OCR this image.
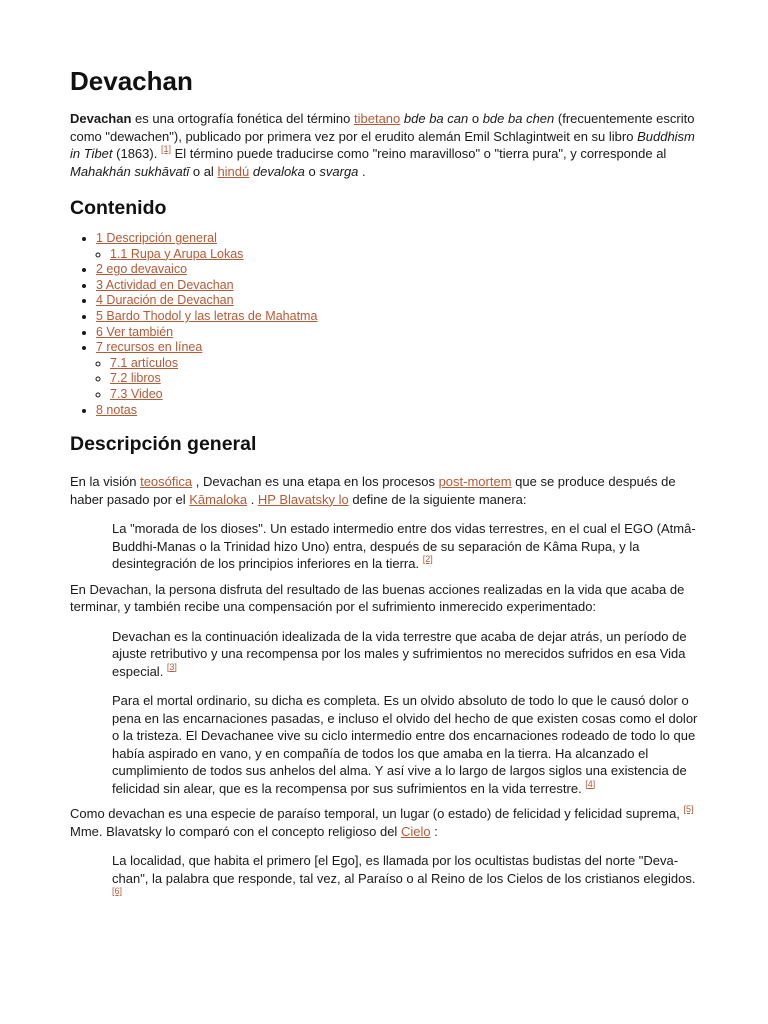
Devachan

Devachan es una ortografía fonética del término tibetano bde ba can o bde ba chen (frecuentemente escrito como "dewachen"), publicado por primera vez por el erudito alemán Emil Schlagintweit en su libro Buddhism in Tibet (1863). [1] El término puede traducirse como "reino maravilloso" o "tierra pura", y corresponde al Mahakhán sukhāvatī o al hindú devaloka o svarga .

Contenido
• 1 Descripción general
◦ 1.1 Rupa y Arupa Lokas
• 2 ego devavaico
• 3 Actividad en Devachan
• 4 Duración de Devachan
• 5 Bardo Thodol y las letras de Mahatma
• 6 Ver también
• 7 recursos en línea
◦ 7.1 artículos
◦ 7.2 libros
◦ 7.3 Video
• 8 notas
Descripción general

En la visión teosófica , Devachan es una etapa en los procesos post-mortem que se produce después de haber pasado por el Kāmaloka . HP Blavatsky lo define de la siguiente manera:

La "morada de los dioses". Un estado intermedio entre dos vidas terrestres, en el cual el EGO (Atmâ-Buddhi-Manas o la Trinidad hizo Uno) entra, después de su separación de Kâma Rupa, y la desintegración de los principios inferiores en la tierra. [2]

En Devachan, la persona disfruta del resultado de las buenas acciones realizadas en la vida que acaba de terminar, y también recibe una compensación por el sufrimiento inmerecido experimentado:

Devachan es la continuación idealizada de la vida terrestre que acaba de dejar atrás, un período de ajuste retributivo y una recompensa por los males y sufrimientos no merecidos sufridos en esa Vida especial. [3]

Para el mortal ordinario, su dicha es completa. Es un olvido absoluto de todo lo que le causó dolor o pena en las encarnaciones pasadas, e incluso el olvido del hecho de que existen cosas como el dolor o la tristeza. El Devachanee vive su ciclo intermedio entre dos encarnaciones rodeado de todo lo que había aspirado en vano, y en compañía de todos los que amaba en la tierra. Ha alcanzado el cumplimiento de todos sus anhelos del alma. Y así vive a lo largo de largos siglos una existencia de felicidad sin alear, que es la recompensa por sus sufrimientos en la vida terrestre. [4]

Como devachan es una especie de paraíso temporal, un lugar (o estado) de felicidad y felicidad suprema, [5] Mme. Blavatsky lo comparó con el concepto religioso del Cielo :

La localidad, que habita el primero [el Ego], es llamada por los ocultistas budistas del norte "Deva-chan", la palabra que responde, tal vez, al Paraíso o al Reino de los Cielos de los cristianos elegidos. [6]
